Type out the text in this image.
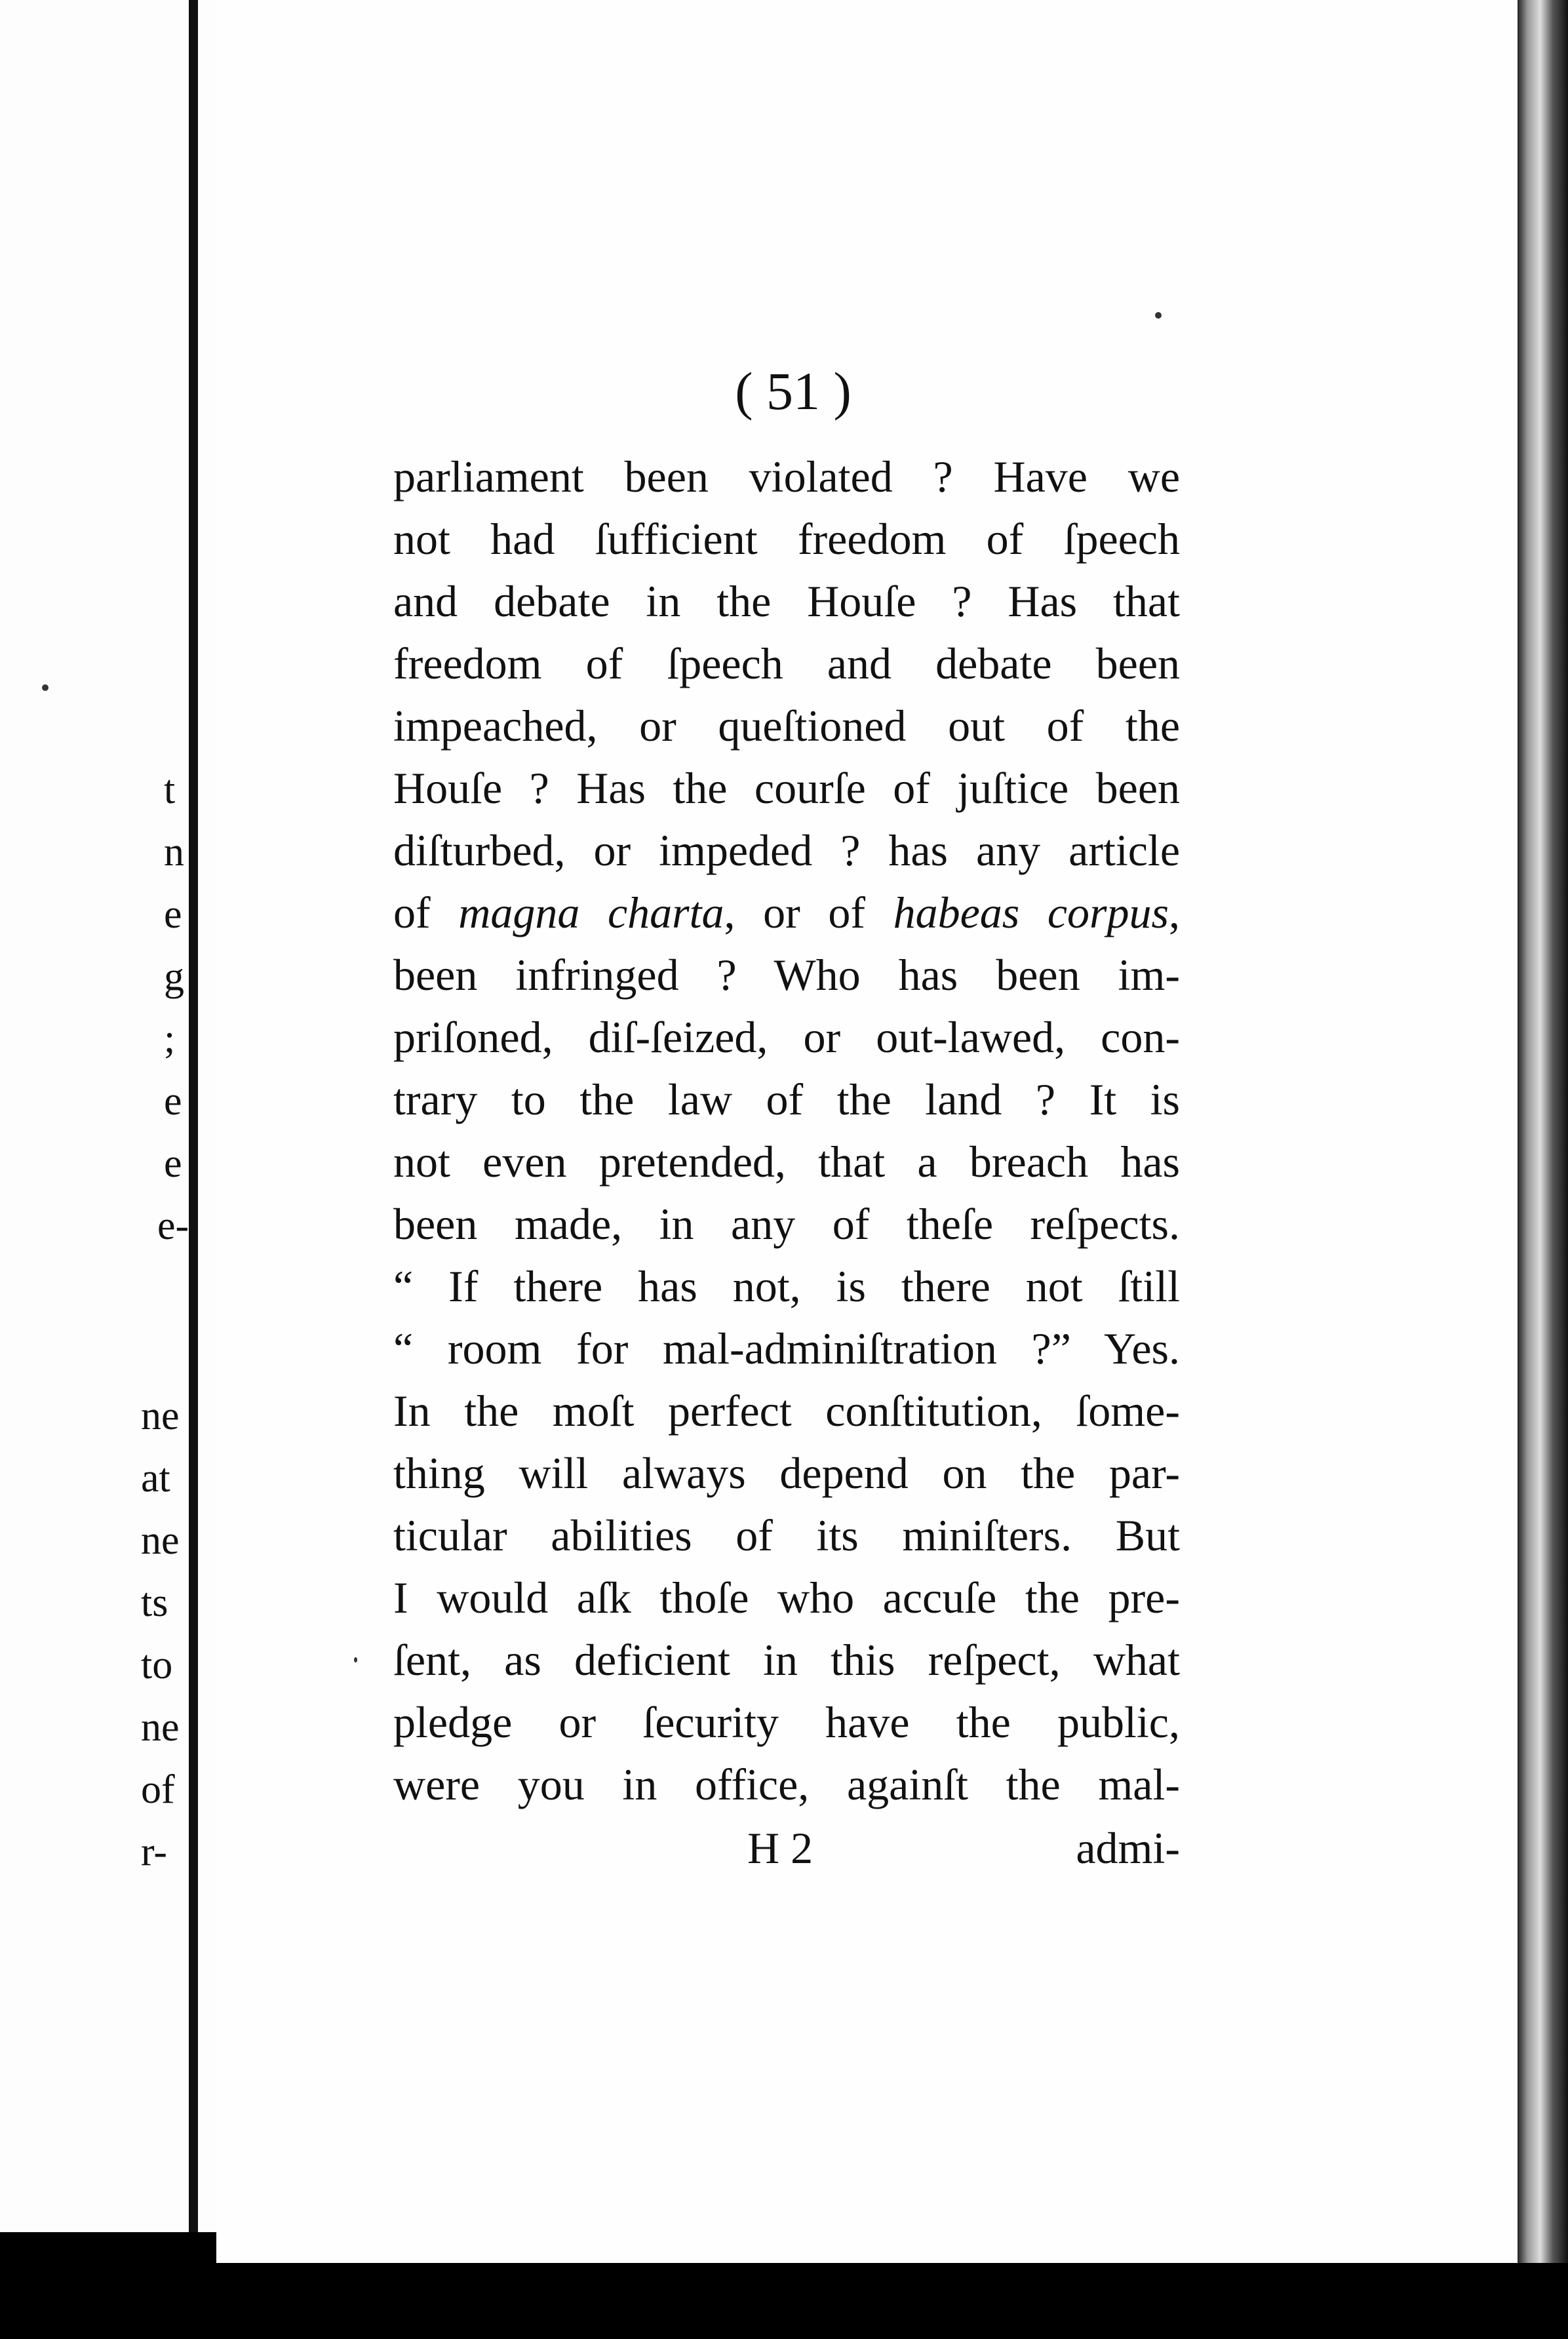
t
n
e
g
;
e
e
e-
ne
at
ne
ts
to
ne
of
r-
( 51 )
parliament been violated ? Have we
not had ſufficient freedom of ſpeech
and debate in the Houſe ? Has that
freedom of ſpeech and debate been
impeached, or queſtioned out of the
Houſe ? Has the courſe of juſtice been
diſturbed, or impeded ? has any article
of magna charta, or of habeas corpus,
been infringed ? Who has been im-
priſoned, diſ-ſeized, or out-lawed, con-
trary to the law of the land ? It is
not even pretended, that a breach has
been made, in any of theſe reſpects.
“ If there has not, is there not ſtill
“ room for mal-adminiſtration ?” Yes.
In the moſt perfect conſtitution, ſome-
thing will always depend on the par-
ticular abilities of its miniſters. But
I would aſk thoſe who accuſe the pre-
ſent, as deficient in this reſpect, what
pledge or ſecurity have the public,
were you in office, againſt the mal-
H 2	admi-
